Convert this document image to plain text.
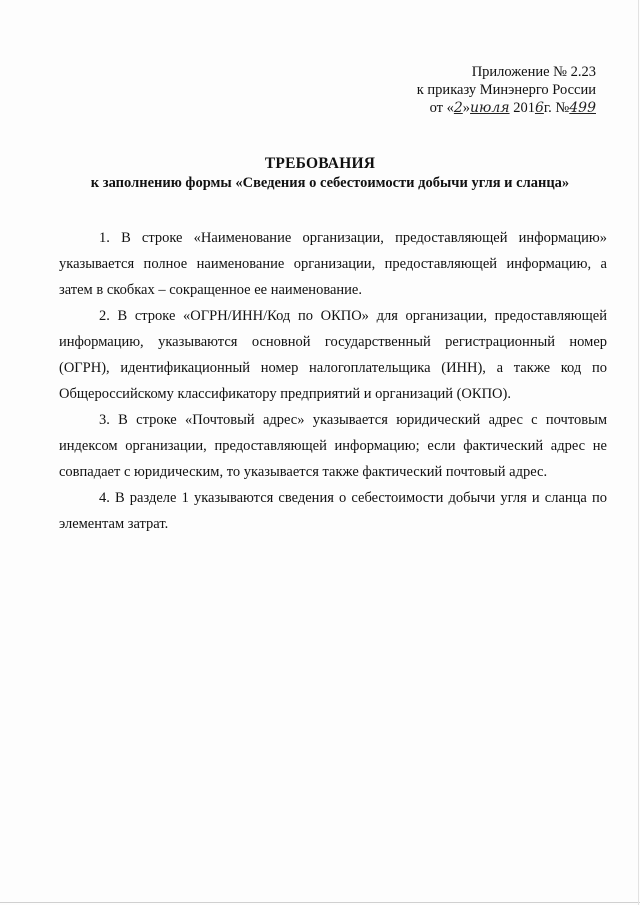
Приложение № 2.23
к приказу Минэнерго России
от «2»июля 2016г. №499
ТРЕБОВАНИЯ
к заполнению формы «Сведения о себестоимости добычи угля и сланца»

1. В строке «Наименование организации, предоставляющей информацию» указывается полное наименование организации, предоставляющей информацию, а затем в скобках – сокращенное ее наименование.

2. В строке «ОГРН/ИНН/Код по ОКПО» для организации, предоставляющей информацию, указываются основной государственный регистрационный номер (ОГРН), идентификационный номер налогоплательщика (ИНН), а также код по Общероссийскому классификатору предприятий и организаций (ОКПО).

3. В строке «Почтовый адрес» указывается юридический адрес с почтовым индексом организации, предоставляющей информацию; если фактический адрес не совпадает с юридическим, то указывается также фактический почтовый адрес.

4. В разделе 1 указываются сведения о себестоимости добычи угля и сланца по элементам затрат.
